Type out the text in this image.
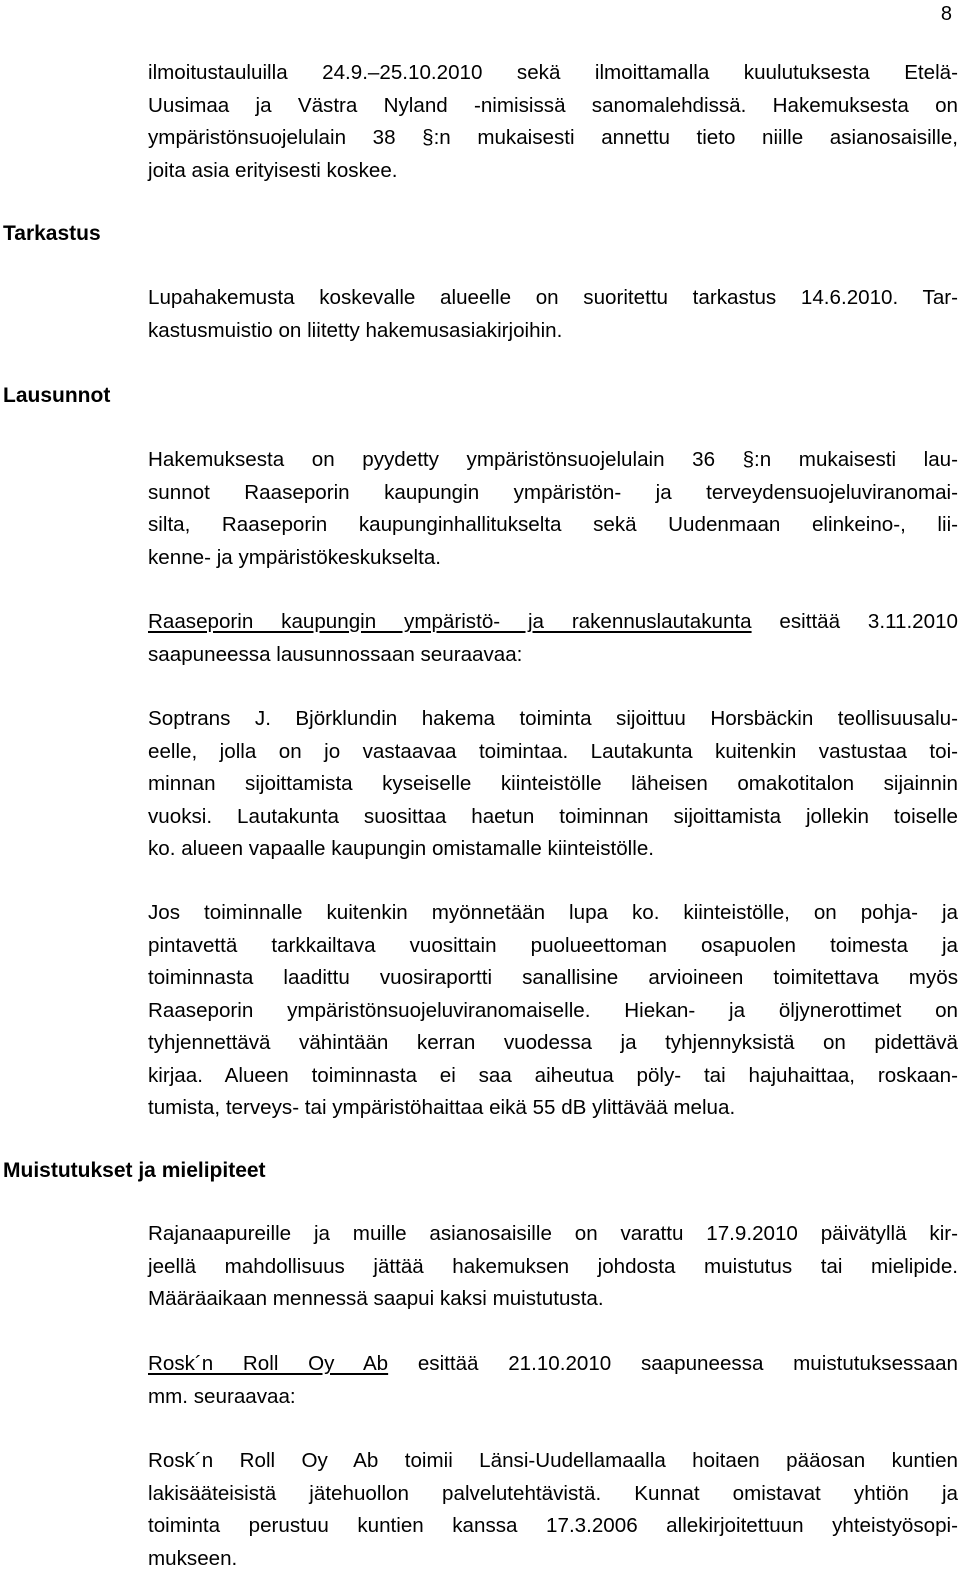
8
ilmoitustauluilla 24.9.–25.10.2010 sekä ilmoittamalla kuulutuksesta Etelä-
Uusimaa ja Västra Nyland -nimisissä sanomalehdissä. Hakemuksesta on
ympäristönsuojelulain 38 §:n mukaisesti annettu tieto niille asianosaisille,
joita asia erityisesti koskee.
Tarkastus
Lupahakemusta koskevalle alueelle on suoritettu tarkastus 14.6.2010. Tar-
kastusmuistio on liitetty hakemusasiakirjoihin.
Lausunnot
Hakemuksesta on pyydetty ympäristönsuojelulain 36 §:n mukaisesti lau-
sunnot Raaseporin kaupungin ympäristön- ja terveydensuojeluviranomai-
silta, Raaseporin kaupunginhallitukselta sekä Uudenmaan elinkeino-, lii-
kenne- ja ympäristökeskukselta.
Raaseporin kaupungin ympäristö- ja rakennuslautakunta esittää 3.11.2010
saapuneessa lausunnossaan seuraavaa:
Soptrans J. Björklundin hakema toiminta sijoittuu Horsbäckin teollisuusalu-
eelle, jolla on jo vastaavaa toimintaa. Lautakunta kuitenkin vastustaa toi-
minnan sijoittamista kyseiselle kiinteistölle läheisen omakotitalon sijainnin
vuoksi. Lautakunta suosittaa haetun toiminnan sijoittamista jollekin toiselle
ko. alueen vapaalle kaupungin omistamalle kiinteistölle.
Jos toiminnalle kuitenkin myönnetään lupa ko. kiinteistölle, on pohja- ja
pintavettä tarkkailtava vuosittain puolueettoman osapuolen toimesta ja
toiminnasta laadittu vuosiraportti sanallisine arvioineen toimitettava myös
Raaseporin ympäristönsuojeluviranomaiselle. Hiekan- ja öljynerottimet on
tyhjennettävä vähintään kerran vuodessa ja tyhjennyksistä on pidettävä
kirjaa. Alueen toiminnasta ei saa aiheutua pöly- tai hajuhaittaa, roskaan-
tumista, terveys- tai ympäristöhaittaa eikä 55 dB ylittävää melua.
Muistutukset ja mielipiteet
Rajanaapureille ja muille asianosaisille on varattu 17.9.2010 päivätyllä kir-
jeellä mahdollisuus jättää hakemuksen johdosta muistutus tai mielipide.
Määräaikaan mennessä saapui kaksi muistutusta.
Rosk´n Roll Oy Ab esittää 21.10.2010 saapuneessa muistutuksessaan
mm. seuraavaa:
Rosk´n Roll Oy Ab toimii Länsi-Uudellamaalla hoitaen pääosan kuntien
lakisääteisistä jätehuollon palvelutehtävistä. Kunnat omistavat yhtiön ja
toiminta perustuu kuntien kanssa 17.3.2006 allekirjoitettuun yhteistyösopi-
mukseen.
